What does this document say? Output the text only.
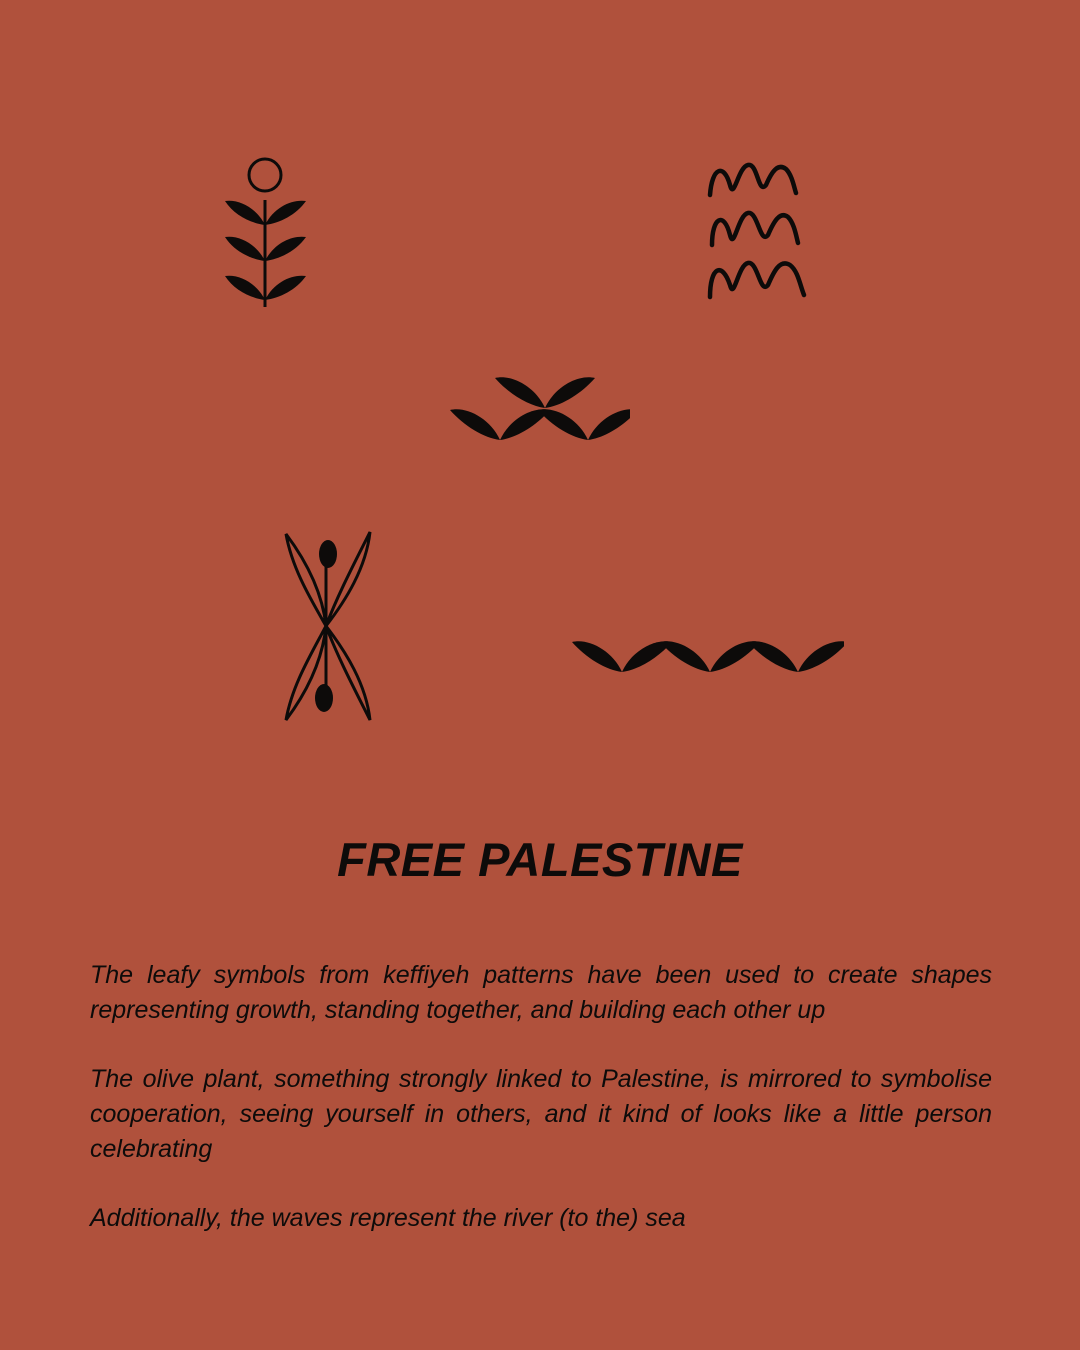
FREE PALESTINE

The leafy symbols from keffiyeh patterns have been used to create shapes representing growth, standing together, and building each other up

The olive plant, something strongly linked to Palestine, is mirrored to symbolise cooperation, seeing yourself in others, and it kind of looks like a little person celebrating

Additionally, the waves represent the river (to the) sea
